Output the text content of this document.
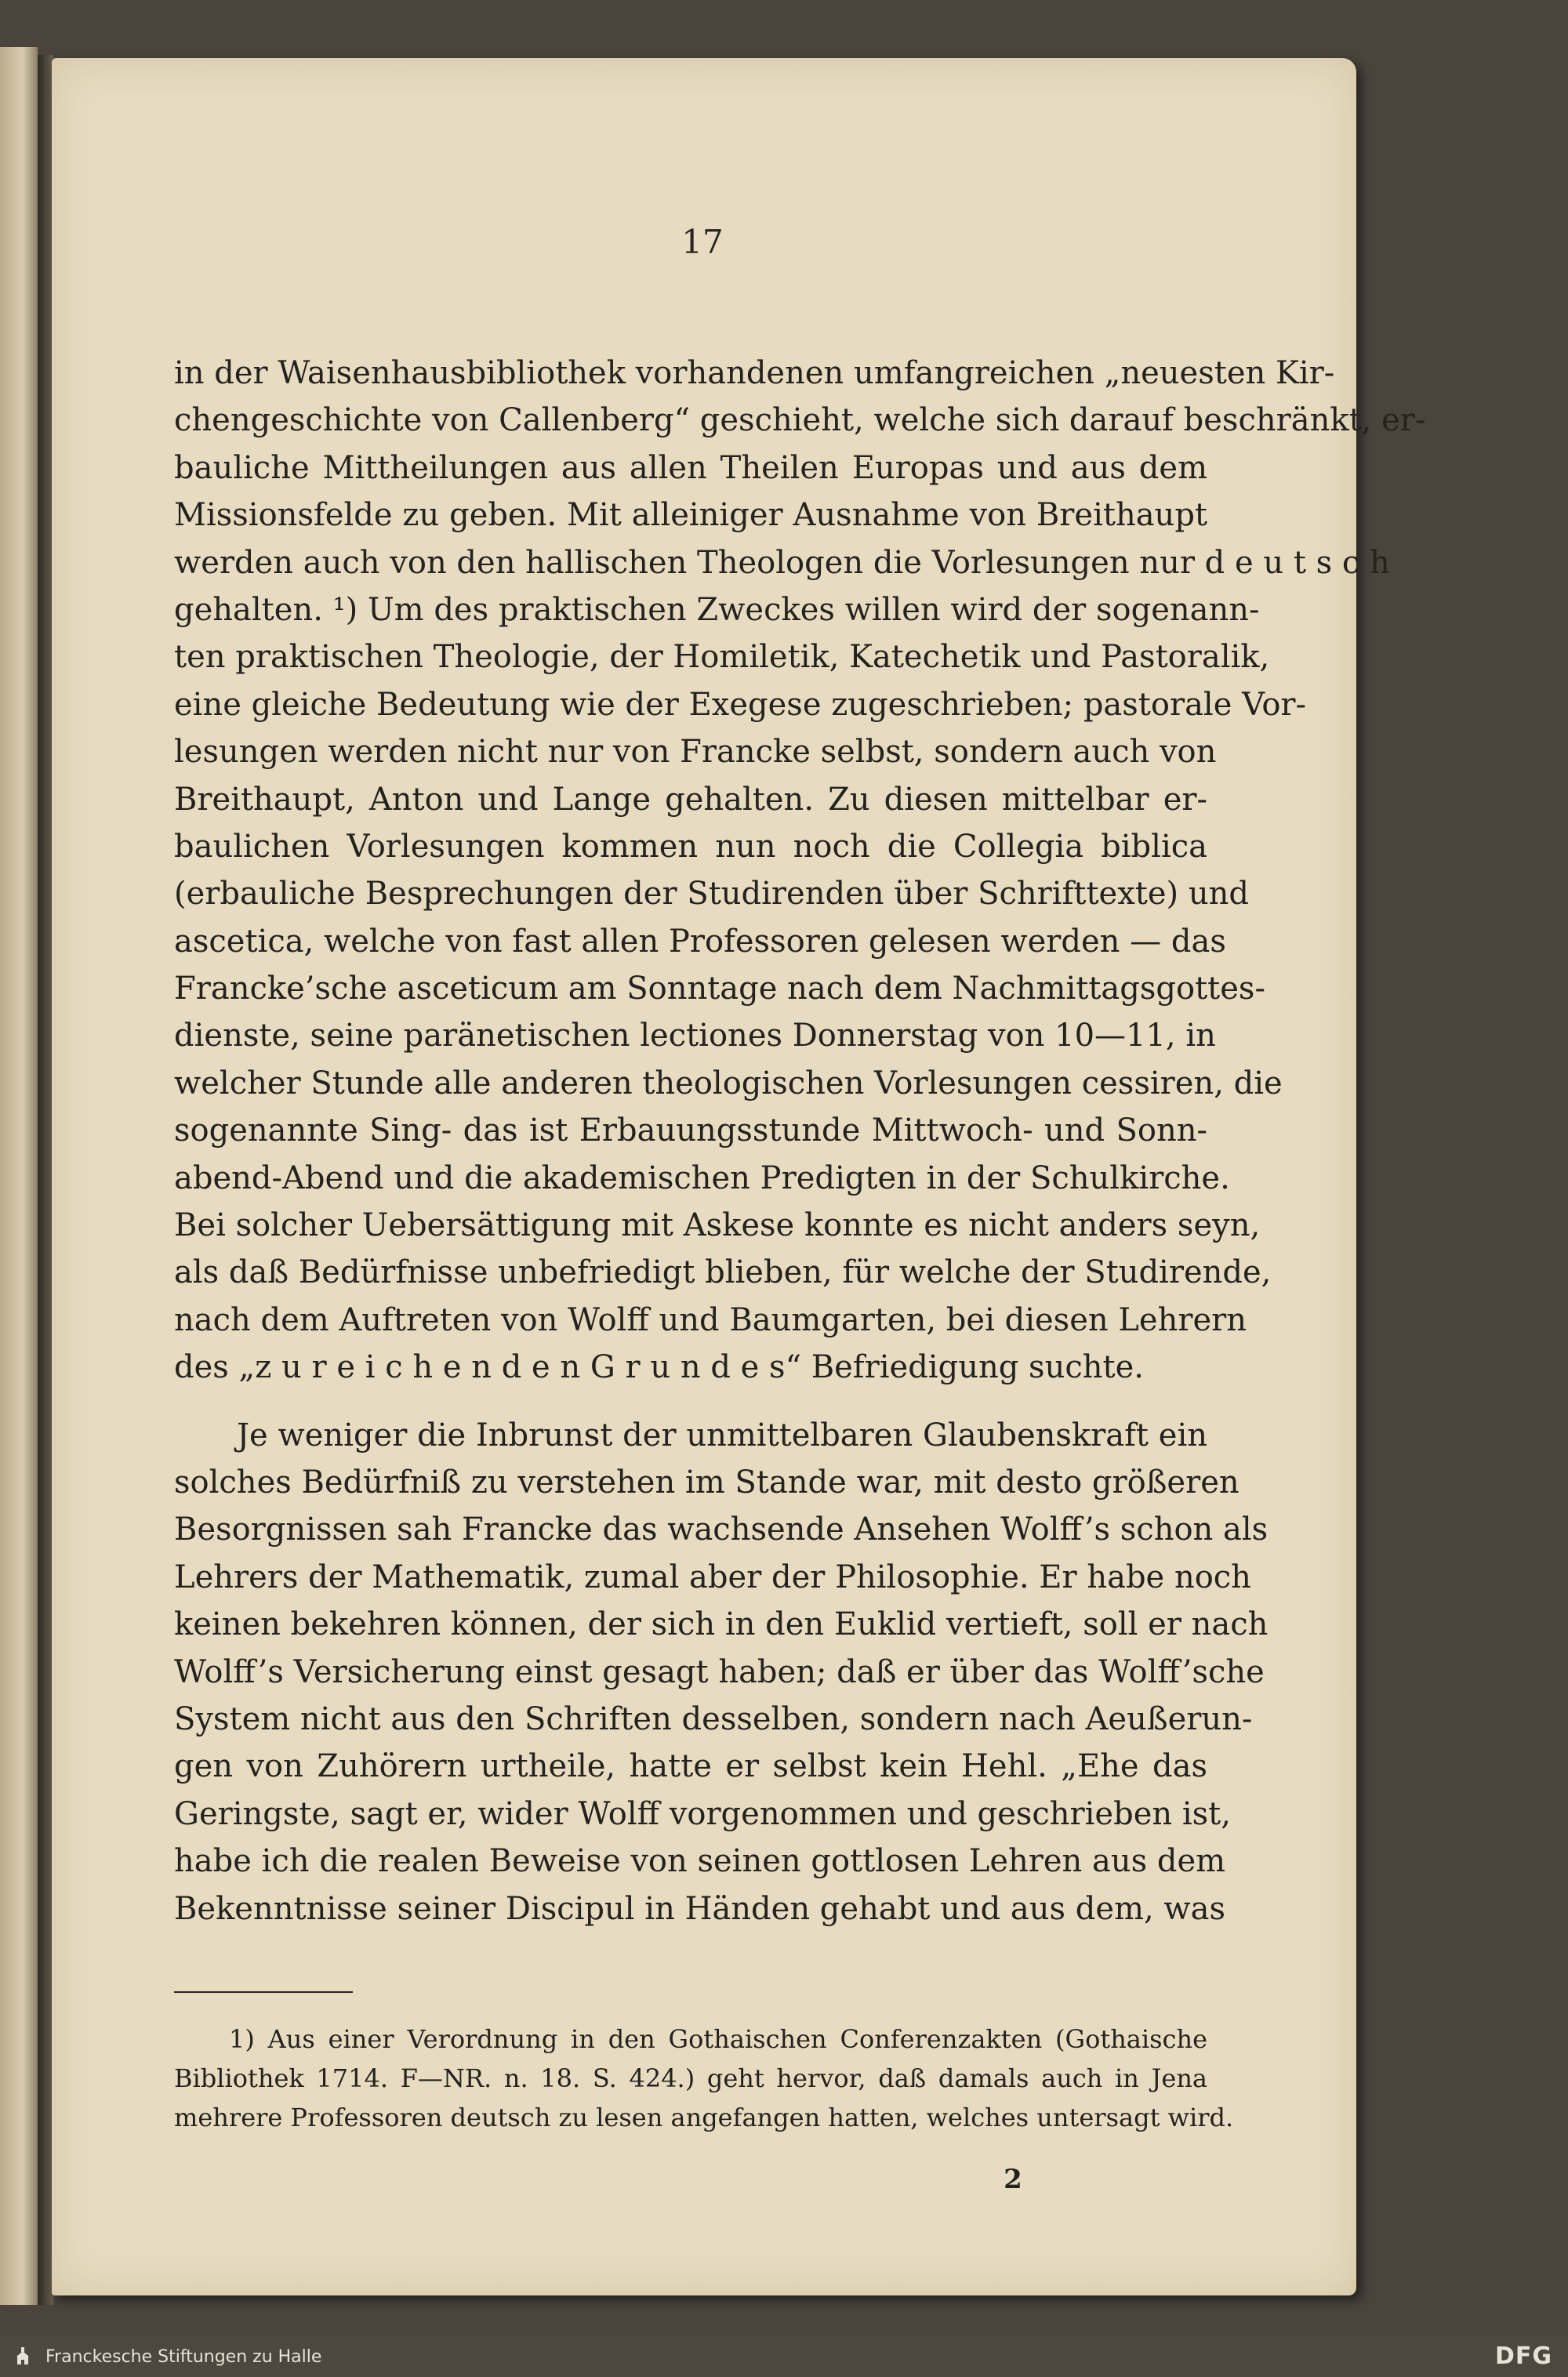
17
in der Waisenhausbibliothek vorhandenen umfangreichen „neuesten Kir-
chengeschichte von Callenberg“ geschieht, welche sich darauf beschränkt, er-
bauliche Mittheilungen aus allen Theilen Europas und aus dem
Missionsfelde zu geben. Mit alleiniger Ausnahme von Breithaupt
werden auch von den hallischen Theologen die Vorlesungen nur d e u t s c h
gehalten. ¹) Um des praktischen Zweckes willen wird der sogenann-
ten praktischen Theologie, der Homiletik, Katechetik und Pastoralik,
eine gleiche Bedeutung wie der Exegese zugeschrieben; pastorale Vor-
lesungen werden nicht nur von Francke selbst, sondern auch von
Breithaupt, Anton und Lange gehalten. Zu diesen mittelbar er-
baulichen Vorlesungen kommen nun noch die Collegia biblica
(erbauliche Besprechungen der Studirenden über Schrifttexte) und
ascetica, welche von fast allen Professoren gelesen werden — das
Francke’sche asceticum am Sonntage nach dem Nachmittagsgottes-
dienste, seine paränetischen lectiones Donnerstag von 10—11, in
welcher Stunde alle anderen theologischen Vorlesungen cessiren, die
sogenannte Sing- das ist Erbauungsstunde Mittwoch- und Sonn-
abend-Abend und die akademischen Predigten in der Schulkirche.
Bei solcher Uebersättigung mit Askese konnte es nicht anders seyn,
als daß Bedürfnisse unbefriedigt blieben, für welche der Studirende,
nach dem Auftreten von Wolff und Baumgarten, bei diesen Lehrern
des „z u r e i c h e n d e n G r u n d e s“ Befriedigung suchte.
Je weniger die Inbrunst der unmittelbaren Glaubenskraft ein
solches Bedürfniß zu verstehen im Stande war, mit desto größeren
Besorgnissen sah Francke das wachsende Ansehen Wolff’s schon als
Lehrers der Mathematik, zumal aber der Philosophie. Er habe noch
keinen bekehren können, der sich in den Euklid vertieft, soll er nach
Wolff’s Versicherung einst gesagt haben; daß er über das Wolff’sche
System nicht aus den Schriften desselben, sondern nach Aeußerun-
gen von Zuhörern urtheile, hatte er selbst kein Hehl. „Ehe das
Geringste, sagt er, wider Wolff vorgenommen und geschrieben ist,
habe ich die realen Beweise von seinen gottlosen Lehren aus dem
Bekenntnisse seiner Discipul in Händen gehabt und aus dem, was
1) Aus einer Verordnung in den Gothaischen Conferenzakten (Gothaische
Bibliothek 1714. F—NR. n. 18. S. 424.) geht hervor, daß damals auch in Jena
mehrere Professoren deutsch zu lesen angefangen hatten, welches untersagt wird.
2
Franckesche Stiftungen zu Halle	DFG
